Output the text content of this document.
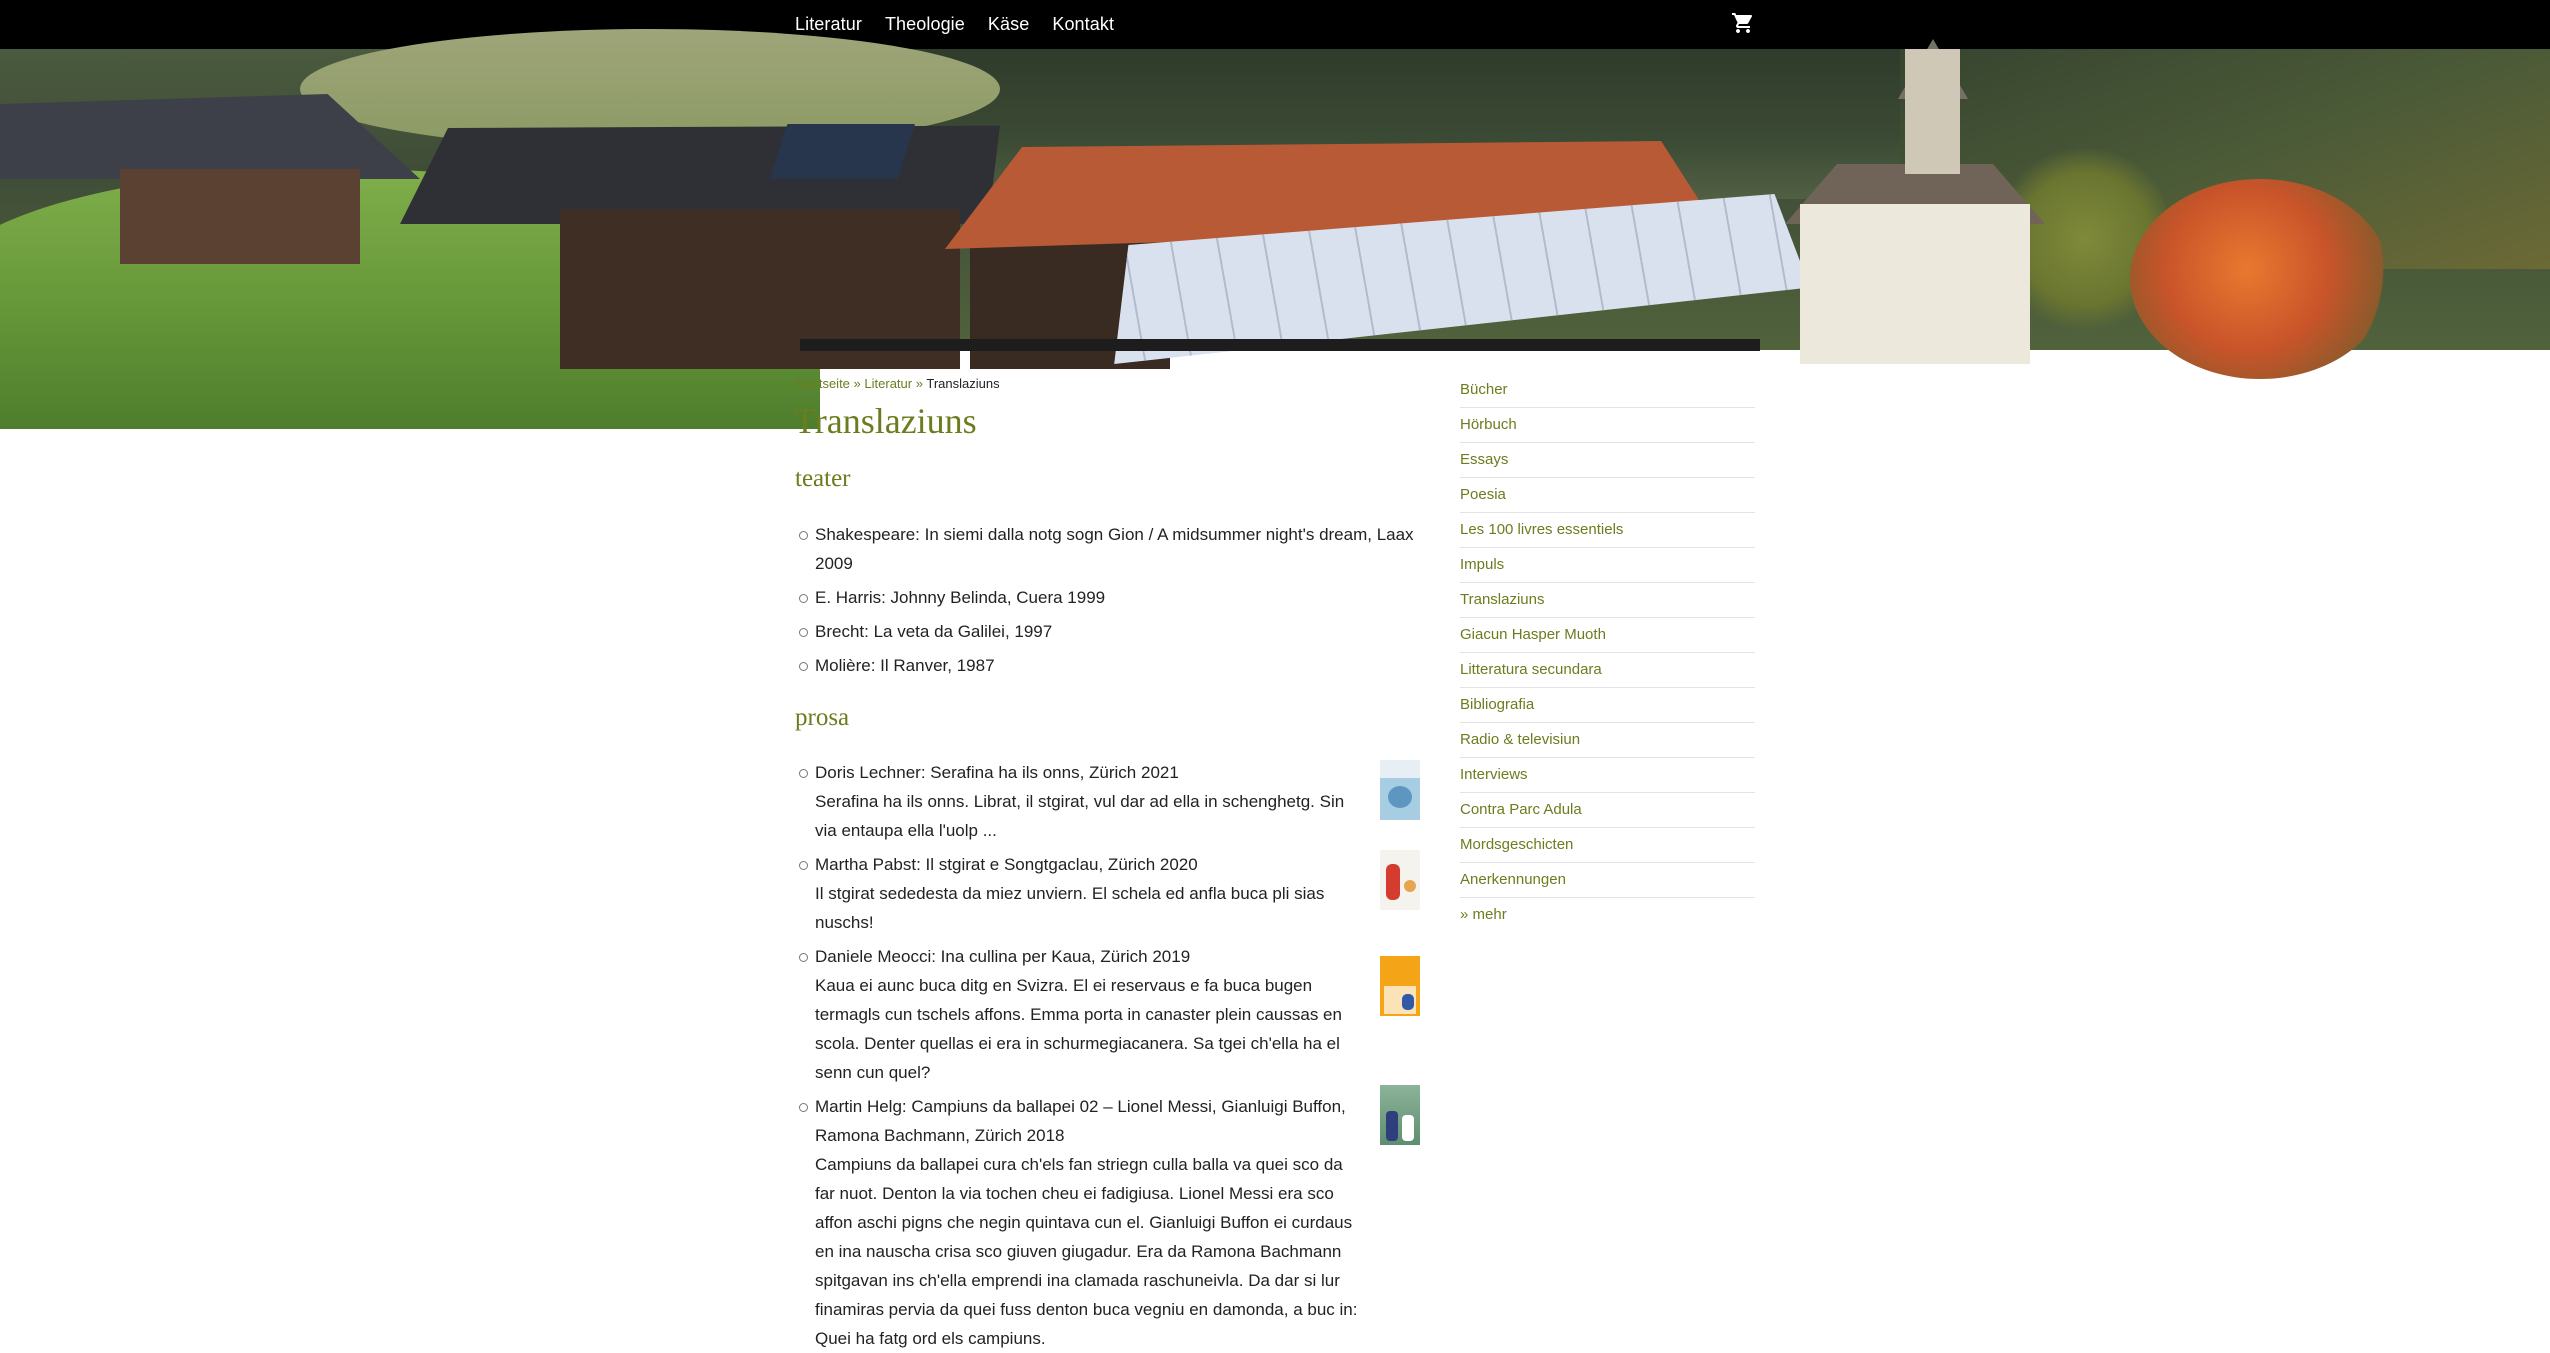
Literatur Theologie Käse Kontakt
Startseite » Literatur » Translaziuns
Translaziuns
teater
Shakespeare: In siemi dalla notg sogn Gion / A midsummer night's dream, Laax 2009
E. Harris: Johnny Belinda, Cuera 1999
Brecht: La veta da Galilei, 1997
Molière: Il Ranver, 1987
prosa
Doris Lechner: Serafina ha ils onns, Zürich 2021
Serafina ha ils onns. Librat, il stgirat, vul dar ad ella in schenghetg. Sin via entaupa ella l'uolp ...
Martha Pabst: Il stgirat e Songtgaclau, Zürich 2020
Il stgirat sededesta da miez unviern. El schela ed anfla buca pli sias nuschs!
Daniele Meocci: Ina cullina per Kaua, Zürich 2019
Kaua ei aunc buca ditg en Svizra. El ei reservaus e fa buca bugen termagls cun tschels affons. Emma porta in canaster plein caussas en scola. Denter quellas ei era in schurmegiacanera. Sa tgei ch'ella ha el senn cun quel?
Martin Helg: Campiuns da ballapei 02 – Lionel Messi, Gianluigi Buffon, Ramona Bachmann, Zürich 2018
Campiuns da ballapei cura ch'els fan striegn culla balla va quei sco da far nuot. Denton la via tochen cheu ei fadigiusa. Lionel Messi era sco affon aschi pigns che negin quintava cun el. Gianluigi Buffon ei curdaus en ina nauscha crisa sco giuven giugadur. Era da Ramona Bachmann spitgavan ins ch'ella emprendi ina clamada raschuneivla. Da dar si lur finamiras pervia da quei fuss denton buca vegniu en damonda, a buc in: Quei ha fatg ord els campiuns.
Bücher
Hörbuch
Essays
Poesia
Les 100 livres essentiels
Impuls
Translaziuns
Giacun Hasper Muoth
Litteratura secundara
Bibliografia
Radio & televisiun
Interviews
Contra Parc Adula
Mordsgeschicten
Anerkennungen
» mehr
